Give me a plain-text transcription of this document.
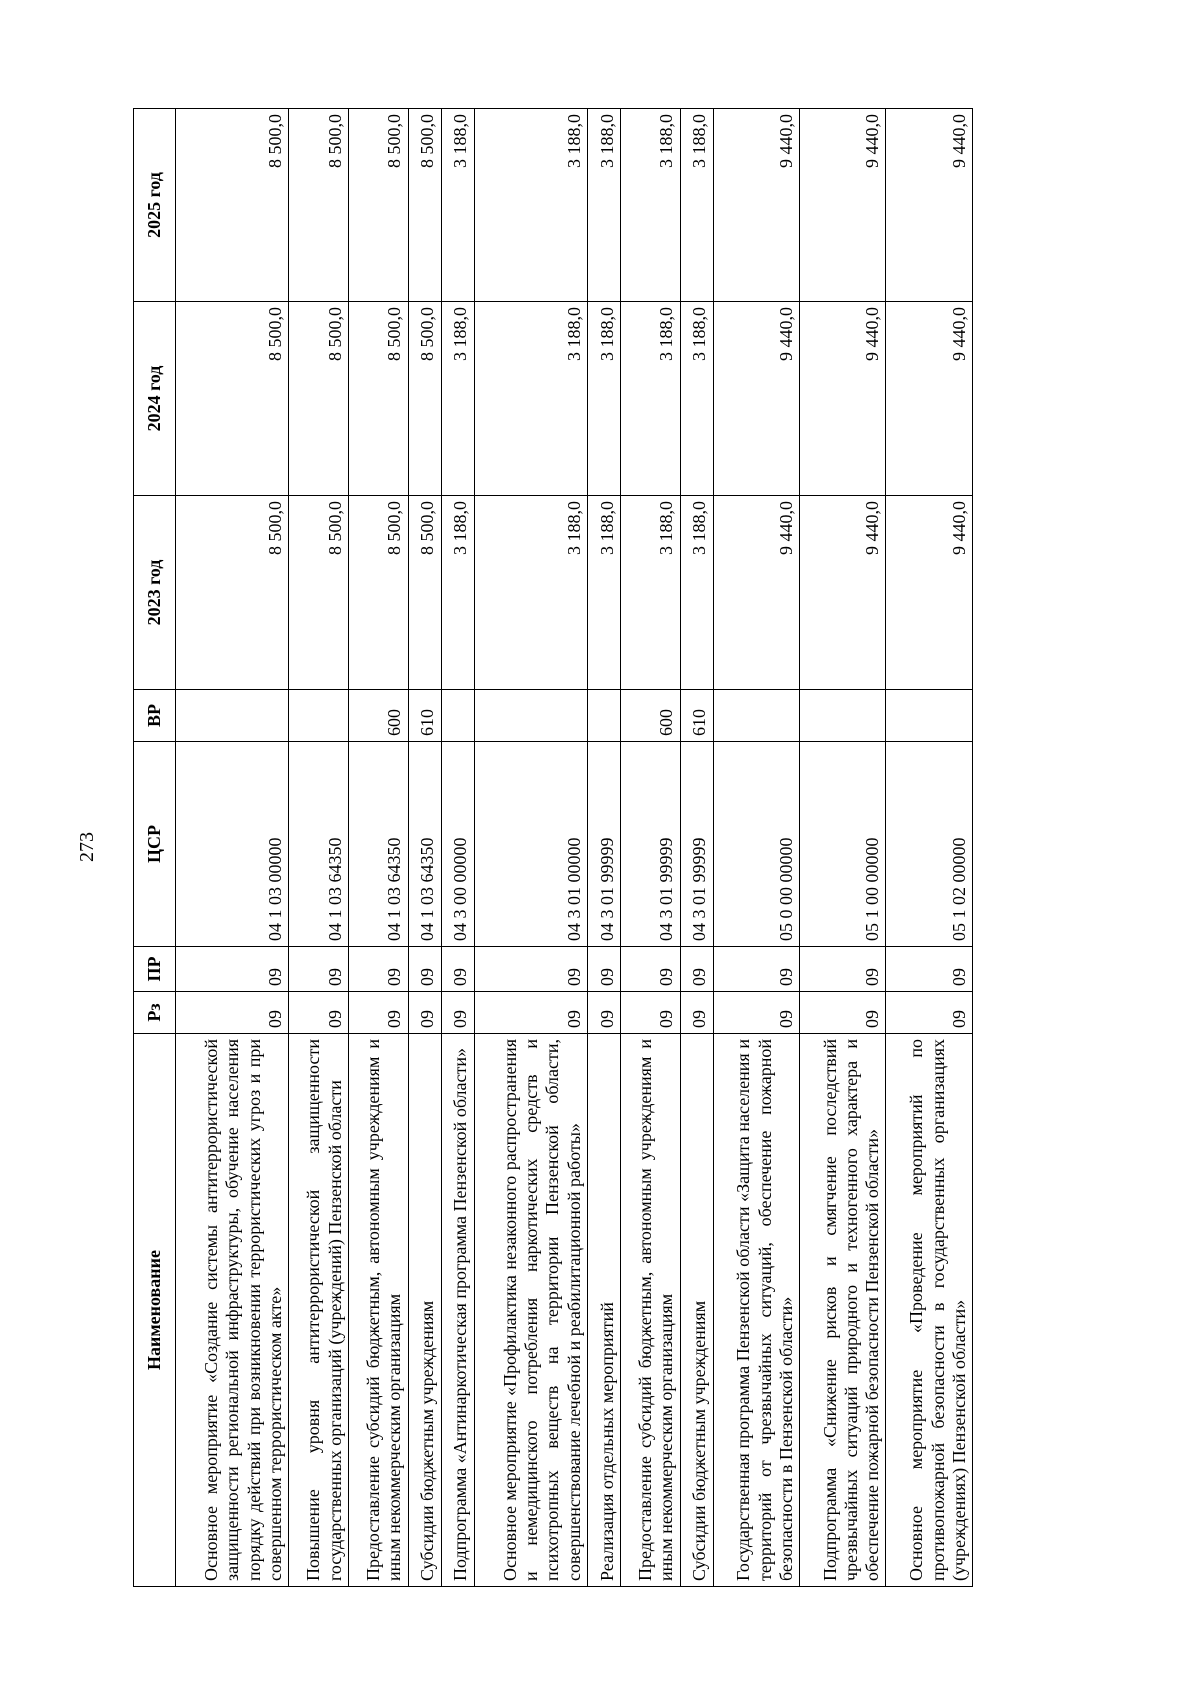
273
Наименование	Рз	ПР	ЦСР	ВР	2023 год	2024 год	2025 год
Основное мероприятие «Создание системы антитеррористической защищенности региональной инфраструктуры, обучение населения порядку действий при возникновении террористических угроз и при совершенном террористическом акте»	09	09	04 1 03 00000		8 500,0	8 500,0	8 500,0
Повышение уровня антитеррористической защищенности государственных организаций (учреждений) Пензенской области	09	09	04 1 03 64350		8 500,0	8 500,0	8 500,0
Предоставление субсидий бюджетным, автономным учреждениям и иным некоммерческим организациям	09	09	04 1 03 64350	600	8 500,0	8 500,0	8 500,0
Субсидии бюджетным учреждениям	09	09	04 1 03 64350	610	8 500,0	8 500,0	8 500,0
Подпрограмма «Антинаркотическая программа Пензенской области»	09	09	04 3 00 00000		3 188,0	3 188,0	3 188,0
Основное мероприятие «Профилактика незаконного распространения и немедицинского потребления наркотических средств и психотропных веществ на территории Пензенской области, совершенствование лечебной и реабилитационной работы»	09	09	04 3 01 00000		3 188,0	3 188,0	3 188,0
Реализация отдельных мероприятий	09	09	04 3 01 99999		3 188,0	3 188,0	3 188,0
Предоставление субсидий бюджетным, автономным учреждениям и иным некоммерческим организациям	09	09	04 3 01 99999	600	3 188,0	3 188,0	3 188,0
Субсидии бюджетным учреждениям	09	09	04 3 01 99999	610	3 188,0	3 188,0	3 188,0
Государственная программа Пензенской области «Защита населения и территорий от чрезвычайных ситуаций, обеспечение пожарной безопасности в Пензенской области»	09	09	05 0 00 00000		9 440,0	9 440,0	9 440,0
Подпрограмма «Снижение рисков и смягчение последствий чрезвычайных ситуаций природного и техногенного характера и обеспечение пожарной безопасности Пензенской области»	09	09	05 1 00 00000		9 440,0	9 440,0	9 440,0
Основное мероприятие «Проведение мероприятий по противопожарной безопасности в государственных организациях (учреждениях) Пензенской области»	09	09	05 1 02 00000		9 440,0	9 440,0	9 440,0
